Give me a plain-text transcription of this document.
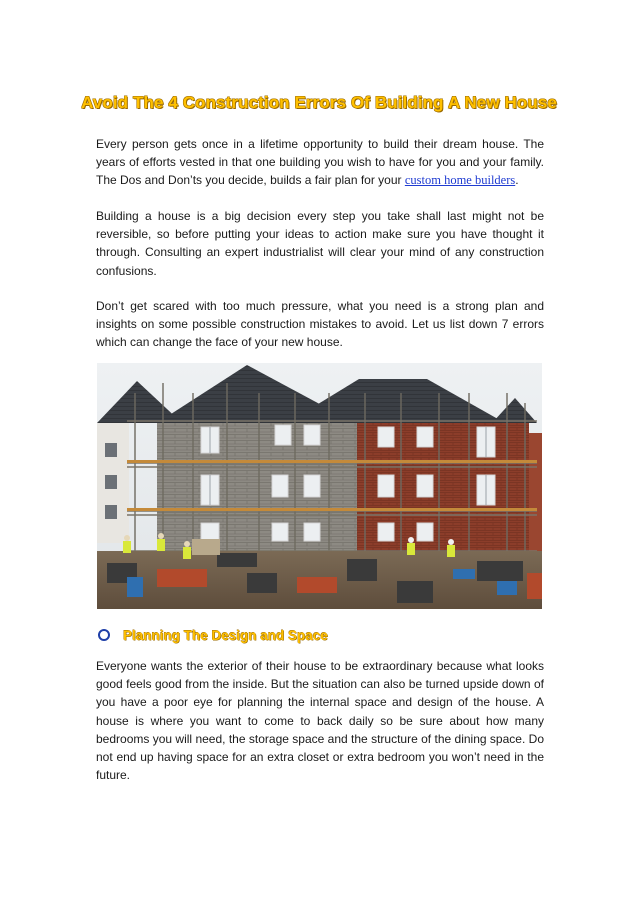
Avoid The 4 Construction Errors Of Building A New House

Every person gets once in a lifetime opportunity to build their dream house. The years of efforts vested in that one building you wish to have for you and your family. The Dos and Don’ts you decide, builds a fair plan for your custom home builders.

Building a house is a big decision every step you take shall last might not be reversible, so before putting your ideas to action make sure you have thought it through. Consulting an expert industrialist will clear your mind of any construction confusions.

Don’t get scared with too much pressure, what you need is a strong plan and insights on some possible construction mistakes to avoid. Let us list down 7 errors which can change the face of your new house.

Planning The Design and Space

Everyone wants the exterior of their house to be extraordinary because what looks good feels good from the inside. But the situation can also be turned upside down of you have a poor eye for planning the internal space and design of the house. A house is where you want to come to back daily so be sure about how many bedrooms you will need, the storage space and the structure of the dining space. Do not end up having space for an extra closet or extra bedroom you won’t need in the future.
